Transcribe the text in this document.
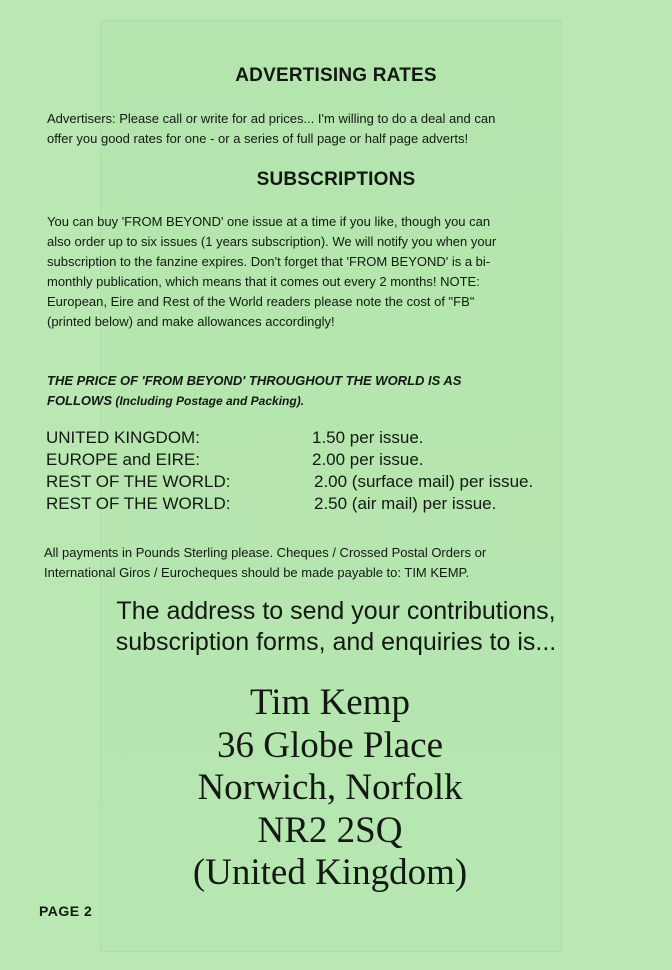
ADVERTISING RATES
Advertisers: Please call or write for ad prices... I'm willing to do a deal and can
offer you good rates for one - or a series of full page or half page adverts!
SUBSCRIPTIONS
You can buy 'FROM BEYOND' one issue at a time if you like, though you can
also order up to six issues (1 years subscription). We will notify you when your
subscription to the fanzine expires. Don't forget that 'FROM BEYOND' is a bi-
monthly publication, which means that it comes out every 2 months! NOTE:
European, Eire and Rest of the World readers please note the cost of "FB"
(printed below) and make allowances accordingly!
THE PRICE OF 'FROM BEYOND' THROUGHOUT THE WORLD IS AS
FOLLOWS (Including Postage and Packing).
UNITED KINGDOM:	1.50 per issue.
EUROPE and EIRE:	2.00 per issue.
REST OF THE WORLD:	2.00 (surface mail) per issue.
REST OF THE WORLD:	2.50 (air mail) per issue.
All payments in Pounds Sterling please. Cheques / Crossed Postal Orders or
International Giros / Eurocheques should be made payable to: TIM KEMP.
The address to send your contributions,
subscription forms, and enquiries to is...
Tim Kemp
36 Globe Place
Norwich, Norfolk
NR2 2SQ
(United Kingdom)
PAGE 2
